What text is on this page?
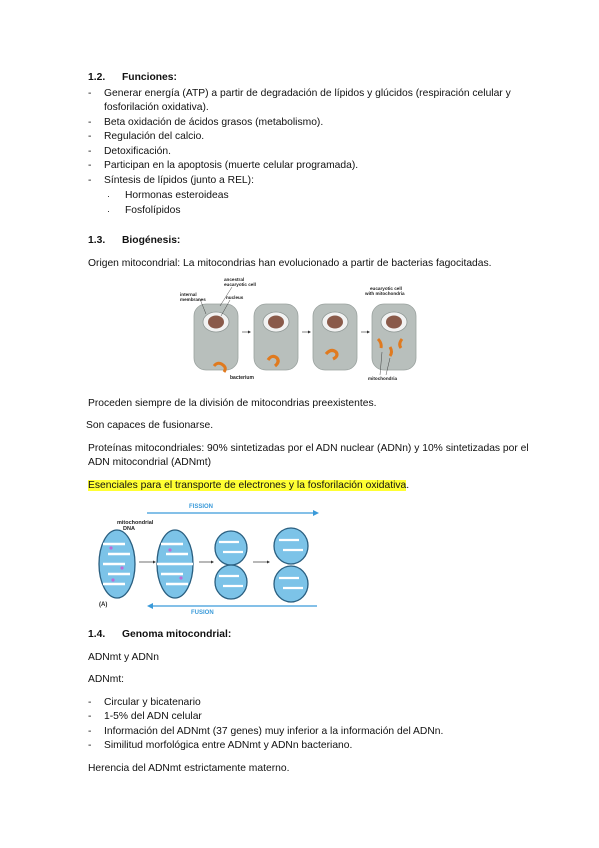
1.2. Funciones:
- Generar energía (ATP) a partir de degradación de lípidos y glúcidos (respiración celular y
fosforilación oxidativa).
- Beta oxidación de ácidos grasos (metabolismo).
- Regulación del calcio.
- Detoxificación.
- Participan en la apoptosis (muerte celular programada).
- Síntesis de lípidos (junto a REL):
· Hormonas esteroideas
· Fosfolípidos
1.3. Biogénesis:
Origen mitocondrial: La mitocondrias han evolucionado a partir de bacterias fagocitadas.
bacterium
ancestral
eucaryotic cell
internal
membranes	nucleus
eucaryotic cell
with mitochondria
mitochondria
Proceden siempre de la división de mitocondrias preexistentes.
Son capaces de fusionarse.
Proteínas mitocondriales: 90% sintetizadas por el ADN nuclear (ADNn) y 10% sintetizadas por el
ADN mitocondrial (ADNmt)
Esenciales para el transporte de electrones y la fosforilación oxidativa.
FISSION
FUSION
mitochondrial
DNA
(A)
1.4. Genoma mitocondrial:
ADNmt y ADNn
ADNmt:
- Circular y bicatenario
- 1-5% del ADN celular
- Información del ADNmt (37 genes) muy inferior a la información del ADNn.
- Similitud morfológica entre ADNmt y ADNn bacteriano.
Herencia del ADNmt estrictamente materno.
